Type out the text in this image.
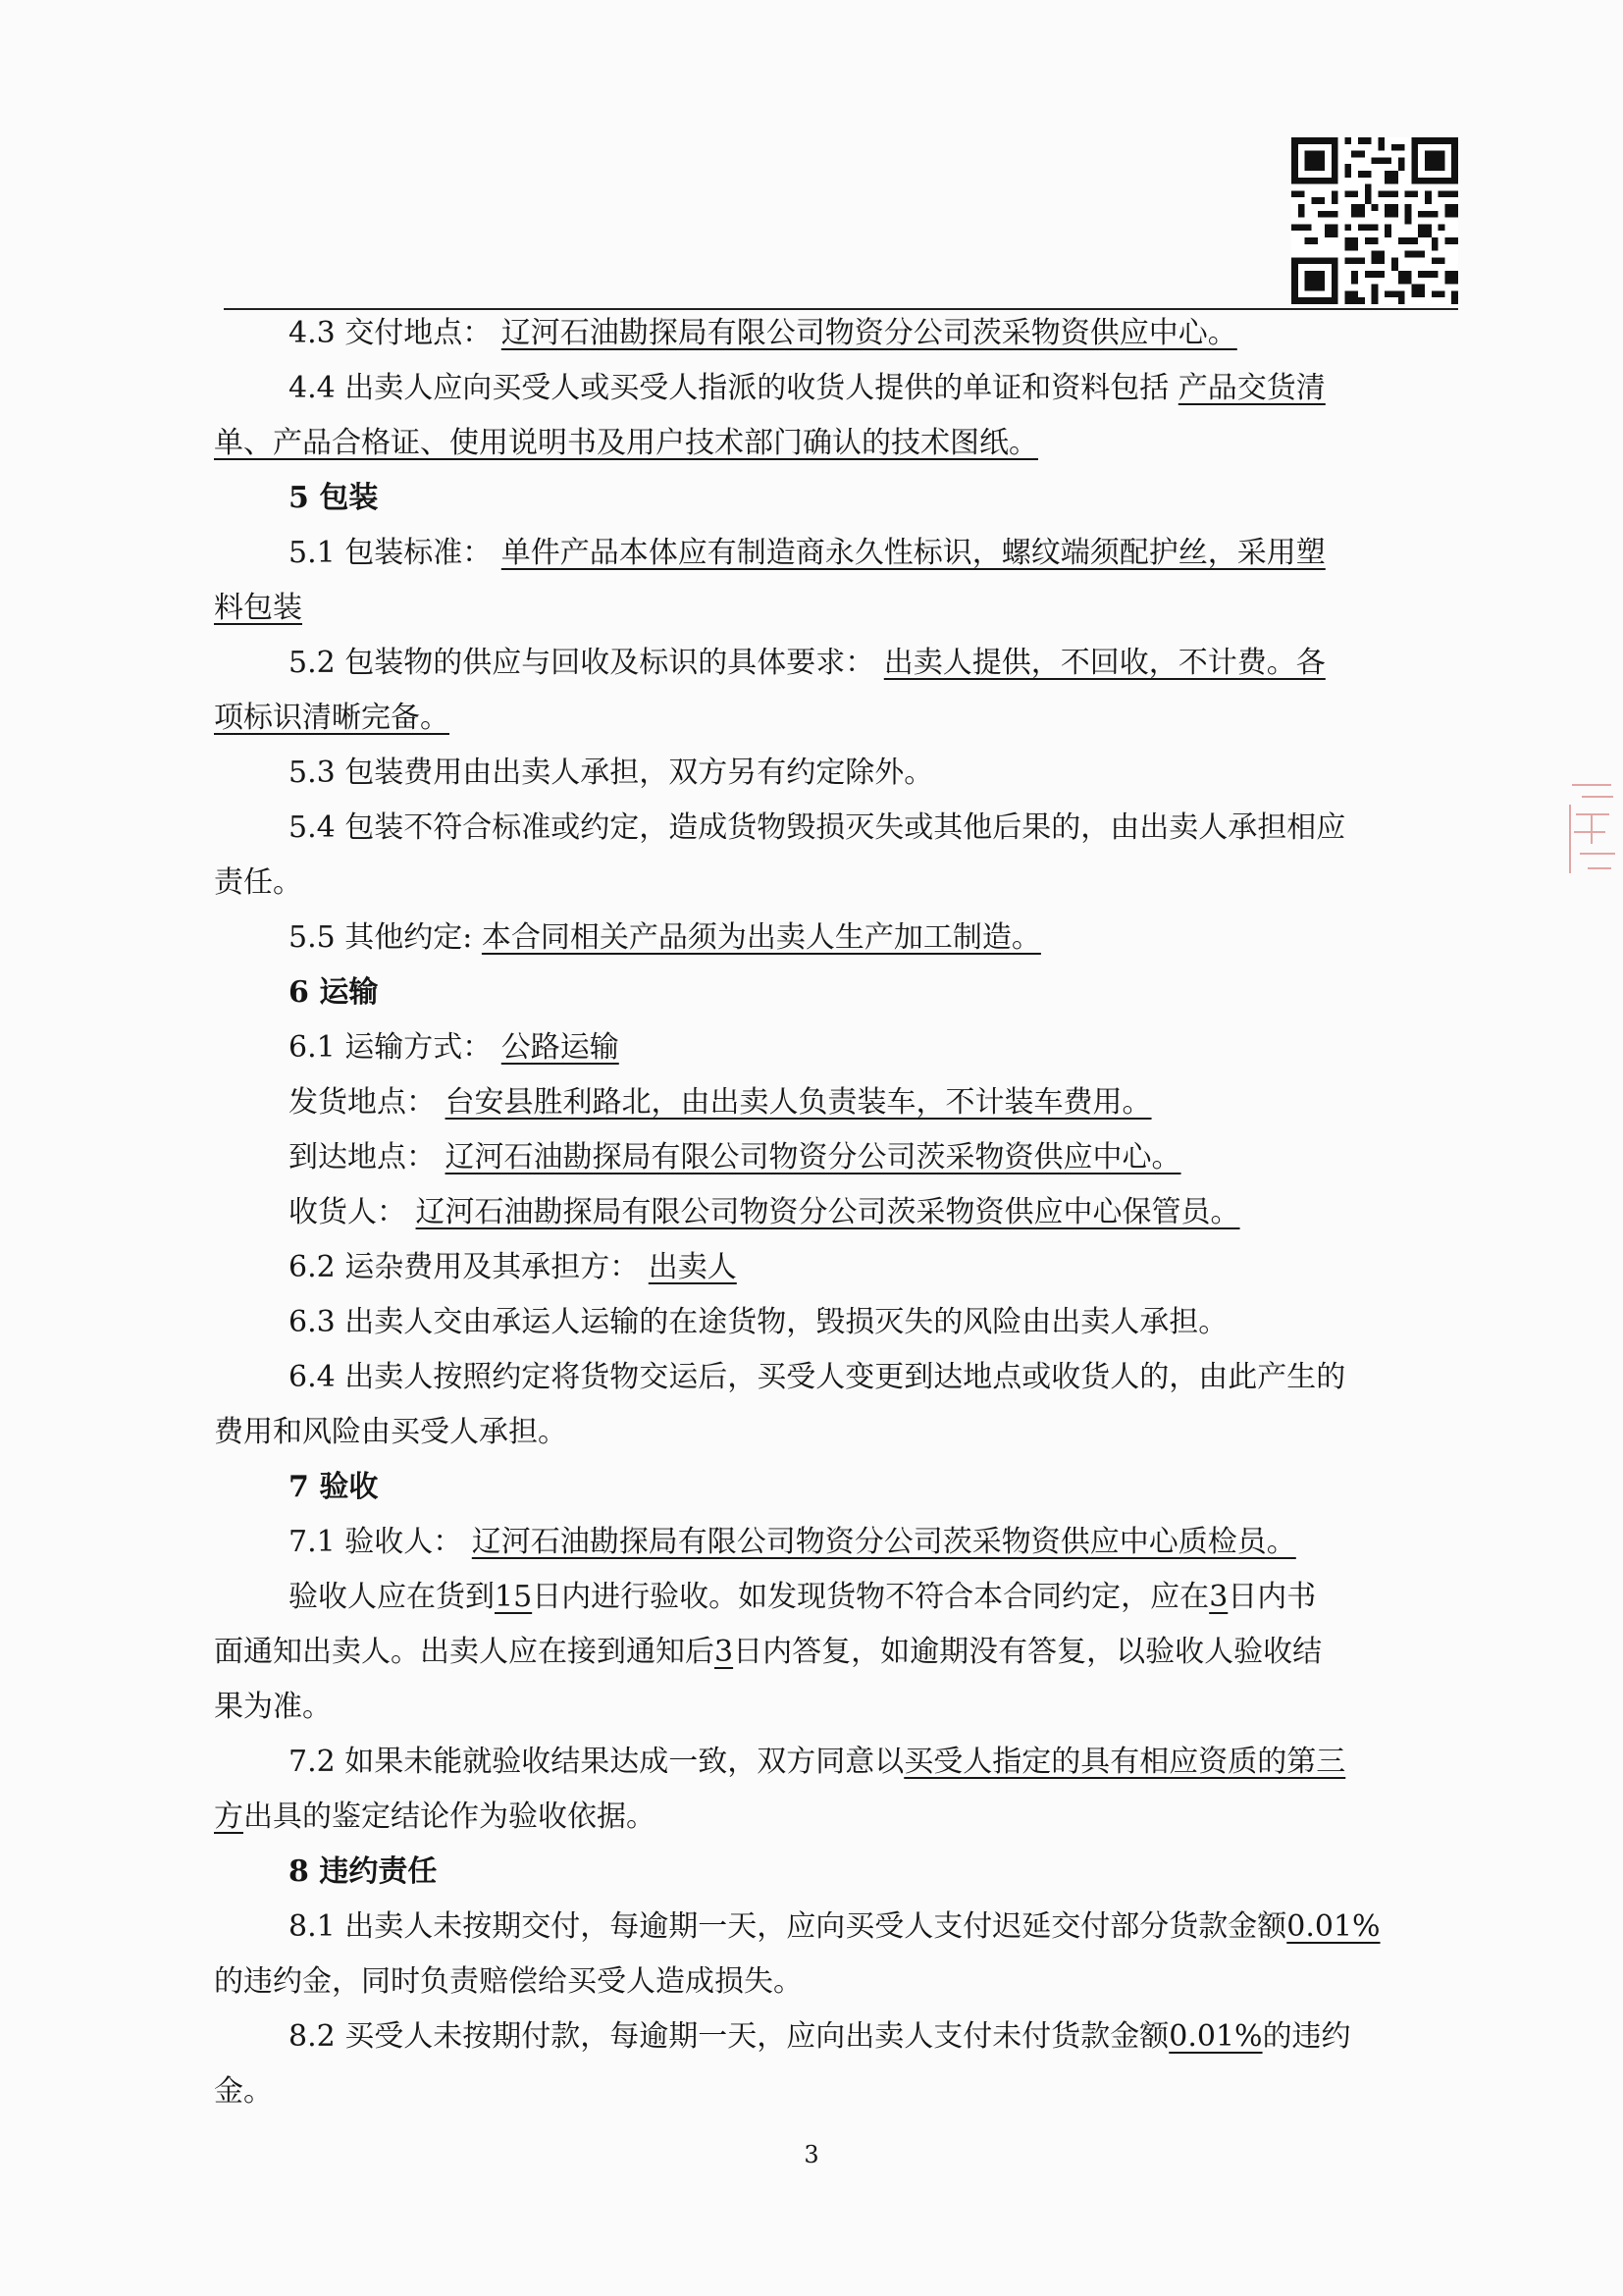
4.3 交付地点： 辽河石油勘探局有限公司物资分公司茨采物资供应中心。
4.4 出卖人应向买受人或买受人指派的收货人提供的单证和资料包括 产品交货清
单、产品合格证、使用说明书及用户技术部门确认的技术图纸。
5 包装
5.1 包装标准： 单件产品本体应有制造商永久性标识，螺纹端须配护丝，采用塑
料包装
5.2 包装物的供应与回收及标识的具体要求： 出卖人提供，不回收，不计费。各
项标识清晰完备。
5.3 包装费用由出卖人承担，双方另有约定除外。
5.4 包装不符合标准或约定，造成货物毁损灭失或其他后果的，由出卖人承担相应
责任。
5.5 其他约定: 本合同相关产品须为出卖人生产加工制造。
6 运输
6.1 运输方式： 公路运输
发货地点： 台安县胜利路北，由出卖人负责装车，不计装车费用。
到达地点： 辽河石油勘探局有限公司物资分公司茨采物资供应中心。
收货人： 辽河石油勘探局有限公司物资分公司茨采物资供应中心保管员。
6.2 运杂费用及其承担方： 出卖人
6.3 出卖人交由承运人运输的在途货物，毁损灭失的风险由出卖人承担。
6.4 出卖人按照约定将货物交运后，买受人变更到达地点或收货人的，由此产生的
费用和风险由买受人承担。
7 验收
7.1 验收人： 辽河石油勘探局有限公司物资分公司茨采物资供应中心质检员。
验收人应在货到15日内进行验收。如发现货物不符合本合同约定，应在3日内书
面通知出卖人。出卖人应在接到通知后3日内答复，如逾期没有答复，以验收人验收结
果为准。
7.2 如果未能就验收结果达成一致，双方同意以买受人指定的具有相应资质的第三
方出具的鉴定结论作为验收依据。
8 违约责任
8.1 出卖人未按期交付，每逾期一天，应向买受人支付迟延交付部分货款金额0.01%
的违约金，同时负责赔偿给买受人造成损失。
8.2 买受人未按期付款，每逾期一天，应向出卖人支付未付货款金额0.01%的违约
金。
3
